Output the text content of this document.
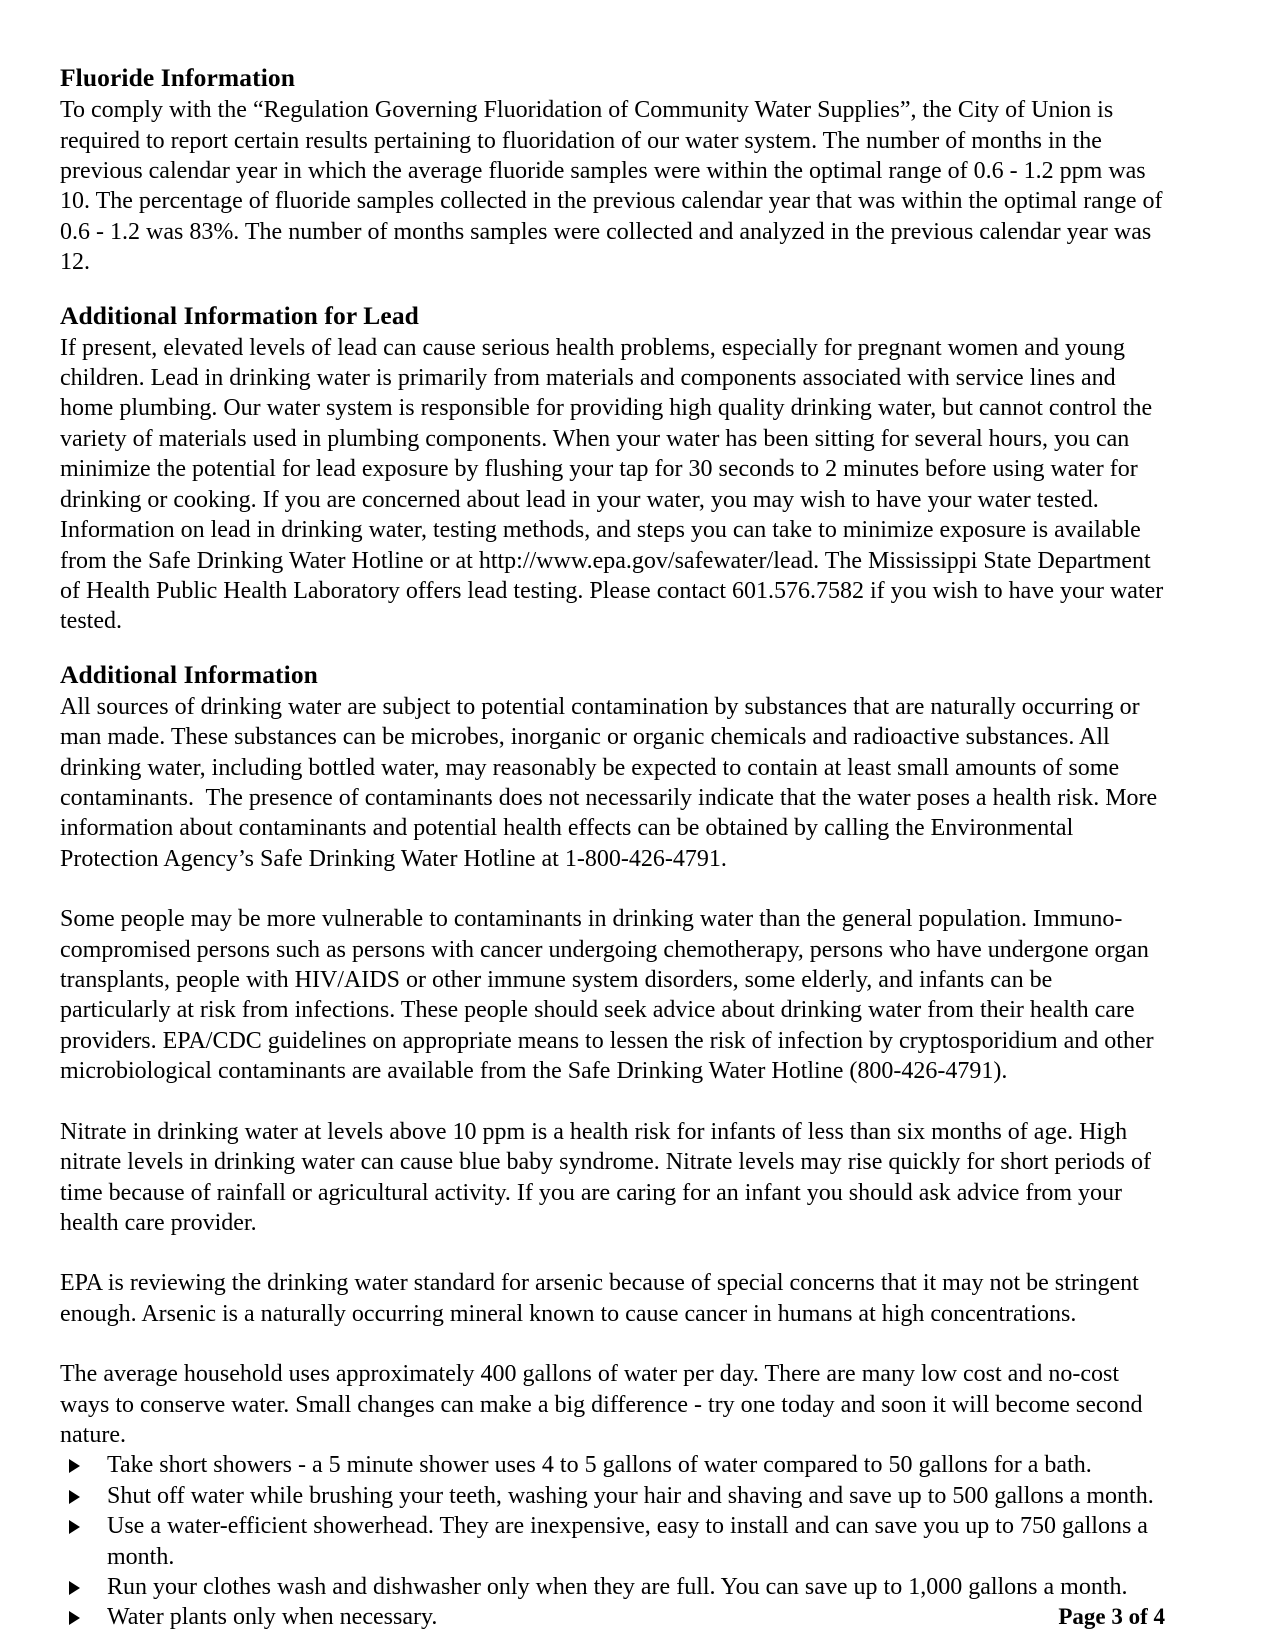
Fluoride Information

To comply with the “Regulation Governing Fluoridation of Community Water Supplies”, the City of Union is required to report certain results pertaining to fluoridation of our water system. The number of months in the previous calendar year in which the average fluoride samples were within the optimal range of 0.6 - 1.2 ppm was 10. The percentage of fluoride samples collected in the previous calendar year that was within the optimal range of 0.6 - 1.2 was 83%. The number of months samples were collected and analyzed in the previous calendar year was 12.

Additional Information for Lead

If present, elevated levels of lead can cause serious health problems, especially for pregnant women and young children. Lead in drinking water is primarily from materials and components associated with service lines and home plumbing. Our water system is responsible for providing high quality drinking water, but cannot control the variety of materials used in plumbing components. When your water has been sitting for several hours, you can minimize the potential for lead exposure by flushing your tap for 30 seconds to 2 minutes before using water for drinking or cooking. If you are concerned about lead in your water, you may wish to have your water tested. Information on lead in drinking water, testing methods, and steps you can take to minimize exposure is available from the Safe Drinking Water Hotline or at http://www.epa.gov/safewater/lead. The Mississippi State Department of Health Public Health Laboratory offers lead testing. Please contact 601.576.7582 if you wish to have your water tested.

Additional Information

All sources of drinking water are subject to potential contamination by substances that are naturally occurring or man made. These substances can be microbes, inorganic or organic chemicals and radioactive substances. All drinking water, including bottled water, may reasonably be expected to contain at least small amounts of some contaminants.  The presence of contaminants does not necessarily indicate that the water poses a health risk. More information about contaminants and potential health effects can be obtained by calling the Environmental Protection Agency’s Safe Drinking Water Hotline at 1-800-426-4791.

Some people may be more vulnerable to contaminants in drinking water than the general population. Immuno-compromised persons such as persons with cancer undergoing chemotherapy, persons who have undergone organ transplants, people with HIV/AIDS or other immune system disorders, some elderly, and infants can be particularly at risk from infections. These people should seek advice about drinking water from their health care providers. EPA/CDC guidelines on appropriate means to lessen the risk of infection by cryptosporidium and other microbiological contaminants are available from the Safe Drinking Water Hotline (800-426-4791).

Nitrate in drinking water at levels above 10 ppm is a health risk for infants of less than six months of age. High nitrate levels in drinking water can cause blue baby syndrome. Nitrate levels may rise quickly for short periods of time because of rainfall or agricultural activity. If you are caring for an infant you should ask advice from your health care provider.

EPA is reviewing the drinking water standard for arsenic because of special concerns that it may not be stringent enough. Arsenic is a naturally occurring mineral known to cause cancer in humans at high concentrations.

The average household uses approximately 400 gallons of water per day. There are many low cost and no-cost ways to conserve water. Small changes can make a big difference - try one today and soon it will become second nature.

Take short showers - a 5 minute shower uses 4 to 5 gallons of water compared to 50 gallons for a bath.
Shut off water while brushing your teeth, washing your hair and shaving and save up to 500 gallons a month.
Use a water-efficient showerhead. They are inexpensive, easy to install and can save you up to 750 gallons a month.
Run your clothes wash and dishwasher only when they are full. You can save up to 1,000 gallons a month.
Water plants only when necessary.	Page 3 of 4
